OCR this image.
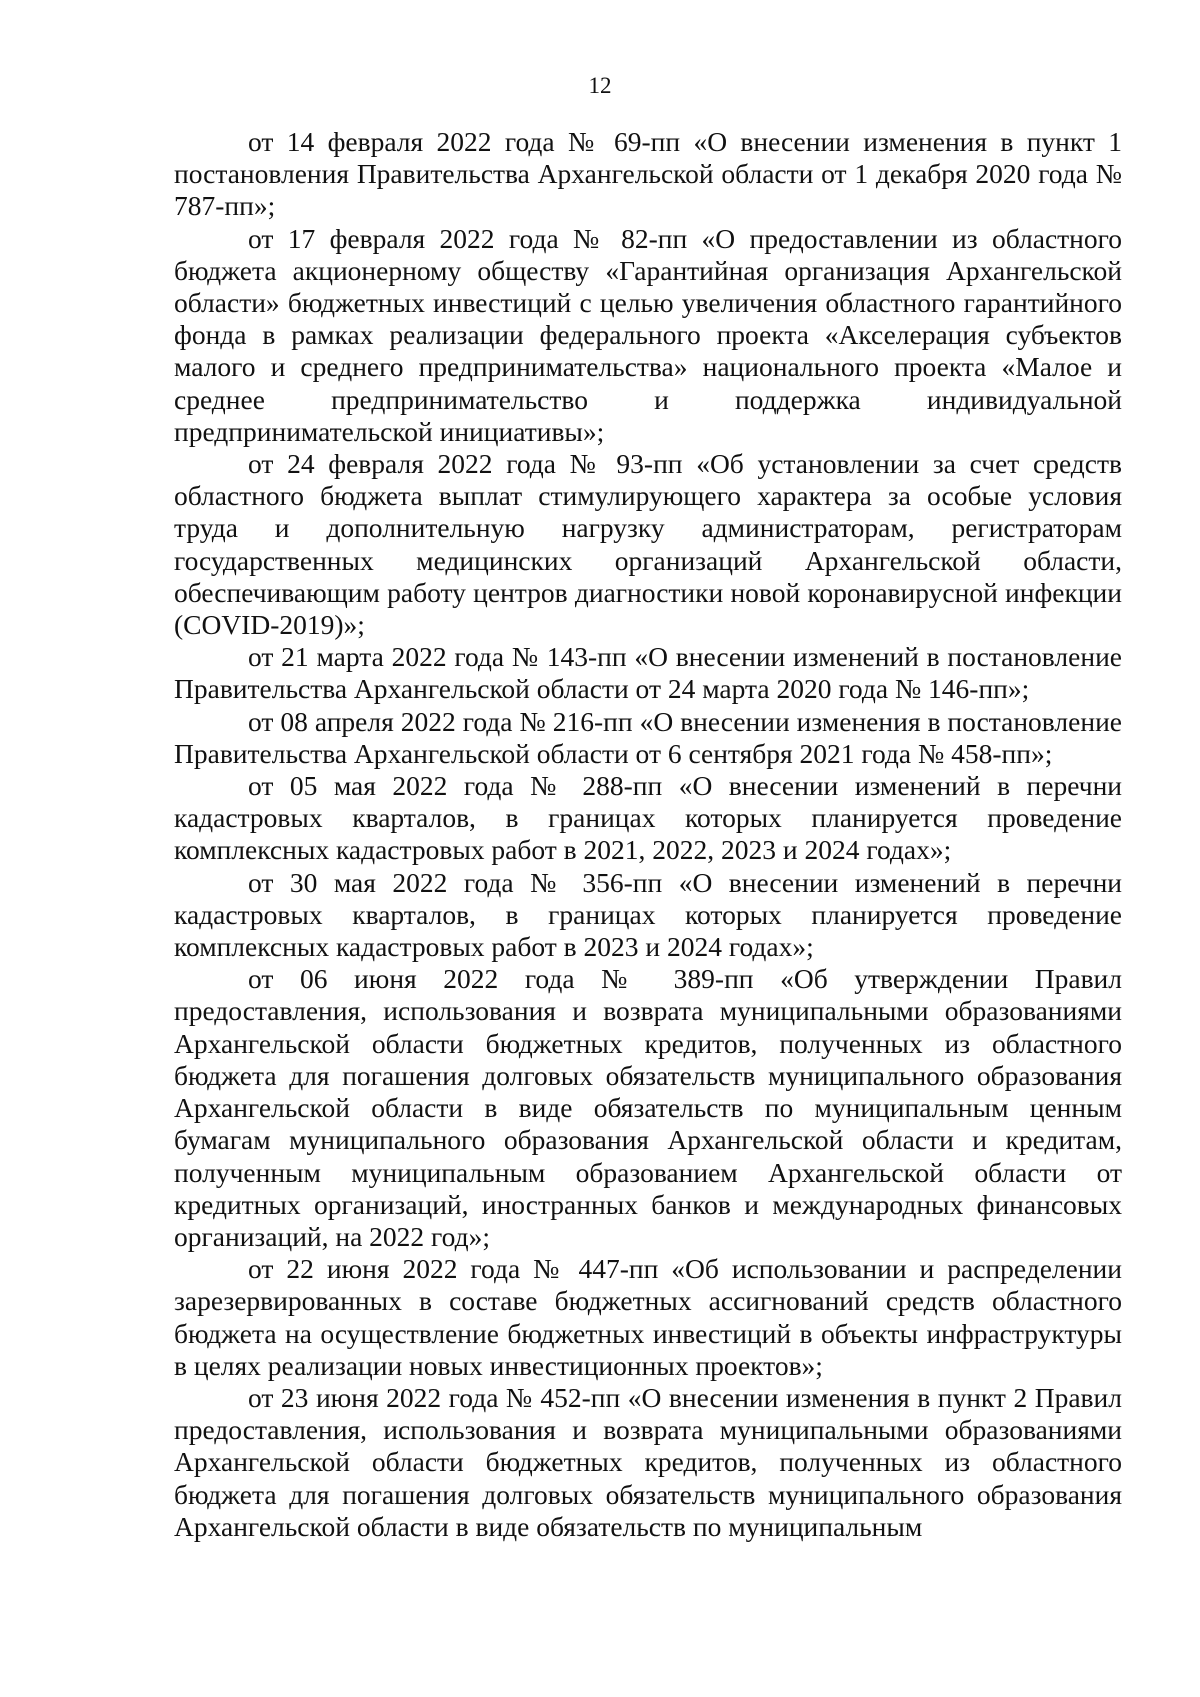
12

от 14 февраля 2022 года № 69-пп «О внесении изменения в пункт 1 постановления Правительства Архангельской области от 1 декабря 2020 года № 787-пп»;

от 17 февраля 2022 года № 82-пп «О предоставлении из областного бюджета акционерному обществу «Гарантийная организация Архангельской области» бюджетных инвестиций с целью увеличения областного гарантийного фонда в рамках реализации федерального проекта «Акселерация субъектов малого и среднего предпринимательства» национального проекта «Малое и среднее предпринимательство и поддержка индивидуальной предпринимательской инициативы»;

от 24 февраля 2022 года № 93-пп «Об установлении за счет средств областного бюджета выплат стимулирующего характера за особые условия труда и дополнительную нагрузку администраторам, регистраторам государственных медицинских организаций Архангельской области, обеспечивающим работу центров диагностики новой коронавирусной инфекции (COVID-2019)»;

от 21 марта 2022 года № 143-пп «О внесении изменений в постановление Правительства Архангельской области от 24 марта 2020 года № 146-пп»;

от 08 апреля 2022 года № 216-пп «О внесении изменения в постановление Правительства Архангельской области от 6 сентября 2021 года № 458-пп»;

от 05 мая 2022 года № 288-пп «О внесении изменений в перечни кадастровых кварталов, в границах которых планируется проведение комплексных кадастровых работ в 2021, 2022, 2023 и 2024 годах»;

от 30 мая 2022 года № 356-пп «О внесении изменений в перечни кадастровых кварталов, в границах которых планируется проведение комплексных кадастровых работ в 2023 и 2024 годах»;

от 06 июня 2022 года № 389-пп «Об утверждении Правил предоставления, использования и возврата муниципальными образованиями Архангельской области бюджетных кредитов, полученных из областного бюджета для погашения долговых обязательств муниципального образования Архангельской области в виде обязательств по муниципальным ценным бумагам муниципального образования Архангельской области и кредитам, полученным муниципальным образованием Архангельской области от кредитных организаций, иностранных банков и международных финансовых организаций, на 2022 год»;

от 22 июня 2022 года № 447-пп «Об использовании и распределении зарезервированных в составе бюджетных ассигнований средств областного бюджета на осуществление бюджетных инвестиций в объекты инфраструктуры в целях реализации новых инвестиционных проектов»;

от 23 июня 2022 года № 452-пп «О внесении изменения в пункт 2 Правил предоставления, использования и возврата муниципальными образованиями Архангельской области бюджетных кредитов, полученных из областного бюджета для погашения долговых обязательств муниципального образования Архангельской области в виде обязательств по муниципальным
